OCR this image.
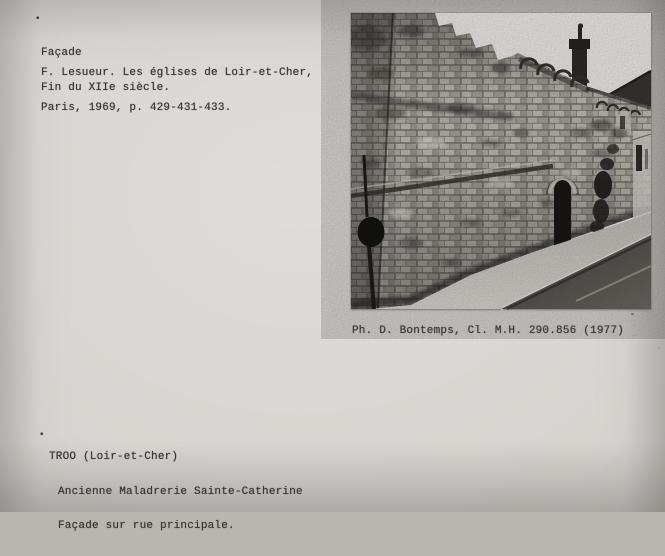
•

Façade

Fin du XIIe siècle.

F. Lesueur. Les églises de Loir-et-Cher,

Paris, 1969, p. 429-431-433.

Ph. D. Bontemps, Cl. M.H. 290.856 (1977)

•

TROO (Loir-et-Cher)

Ancienne Maladrerie Sainte-Catherine

Façade sur rue principale.
